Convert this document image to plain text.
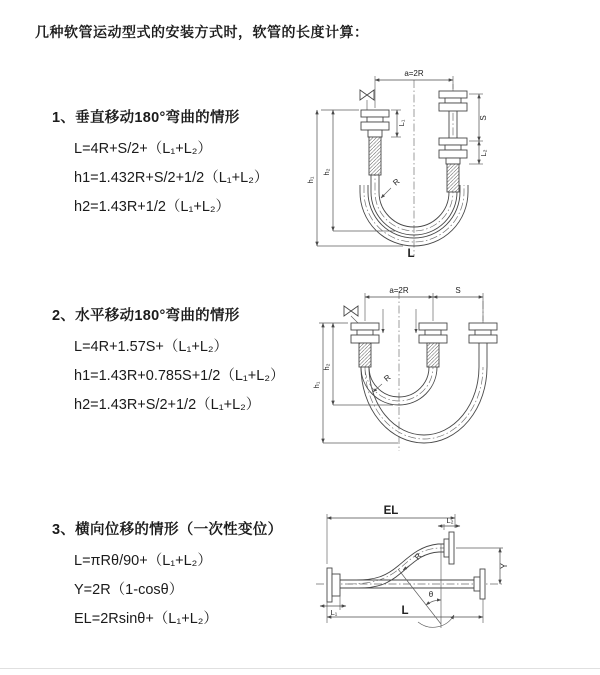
几种软管运动型式的安装方式时，软管的长度计算：
1、垂直移动180°弯曲的情形
L=4R+S/2+（L₁+L₂）
h1=1.432R+S/2+1/2（L₁+L₂）
h2=1.43R+1/2（L₁+L₂）
2、水平移动180°弯曲的情形
L=4R+1.57S+（L₁+L₂）
h1=1.43R+0.785S+1/2（L₁+L₂）
h2=1.43R+S/2+1/2（L₁+L₂）
3、横向位移的情形（一次性变位）
L=πRθ/90+（L₁+L₂）
Y=2R（1-cosθ）
EL=2Rsinθ+（L₁+L₂）
a=2R
L₁
S
L₂
h₁
h₂
R
L
a=2R	S
h₁
h₂
R
EL
L₂
L₁
Y
L
R
θ
